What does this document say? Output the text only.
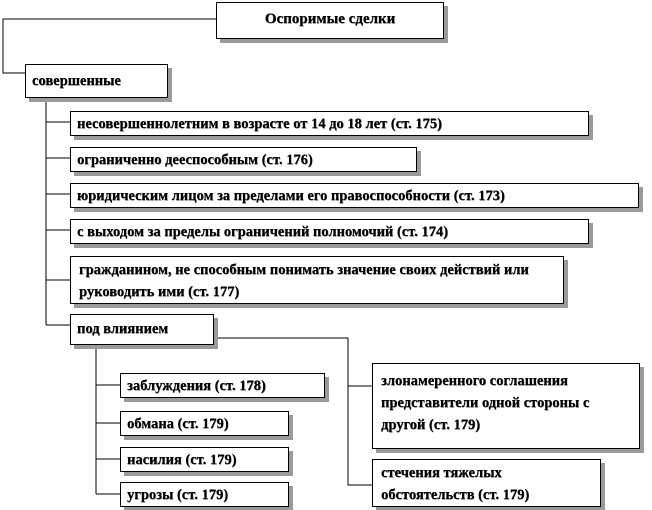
Оспоримые сделки
совершенные
несовершеннолетним в возрасте от 14 до 18 лет (ст. 175)
ограниченно дееспособным (ст. 176)
юридическим лицом за пределами его правоспособности (ст. 173)
с выходом за пределы ограничений полномочий (ст. 174)
гражданином, не способным понимать значение своих действий или руководить ими (ст. 177)
под влиянием
заблуждения (ст. 178)
обмана (ст. 179)
насилия (ст. 179)
угрозы (ст. 179)
злонамеренного соглашения представители одной стороны с другой (ст. 179)
стечения тяжелых обстоятельств (ст. 179)
